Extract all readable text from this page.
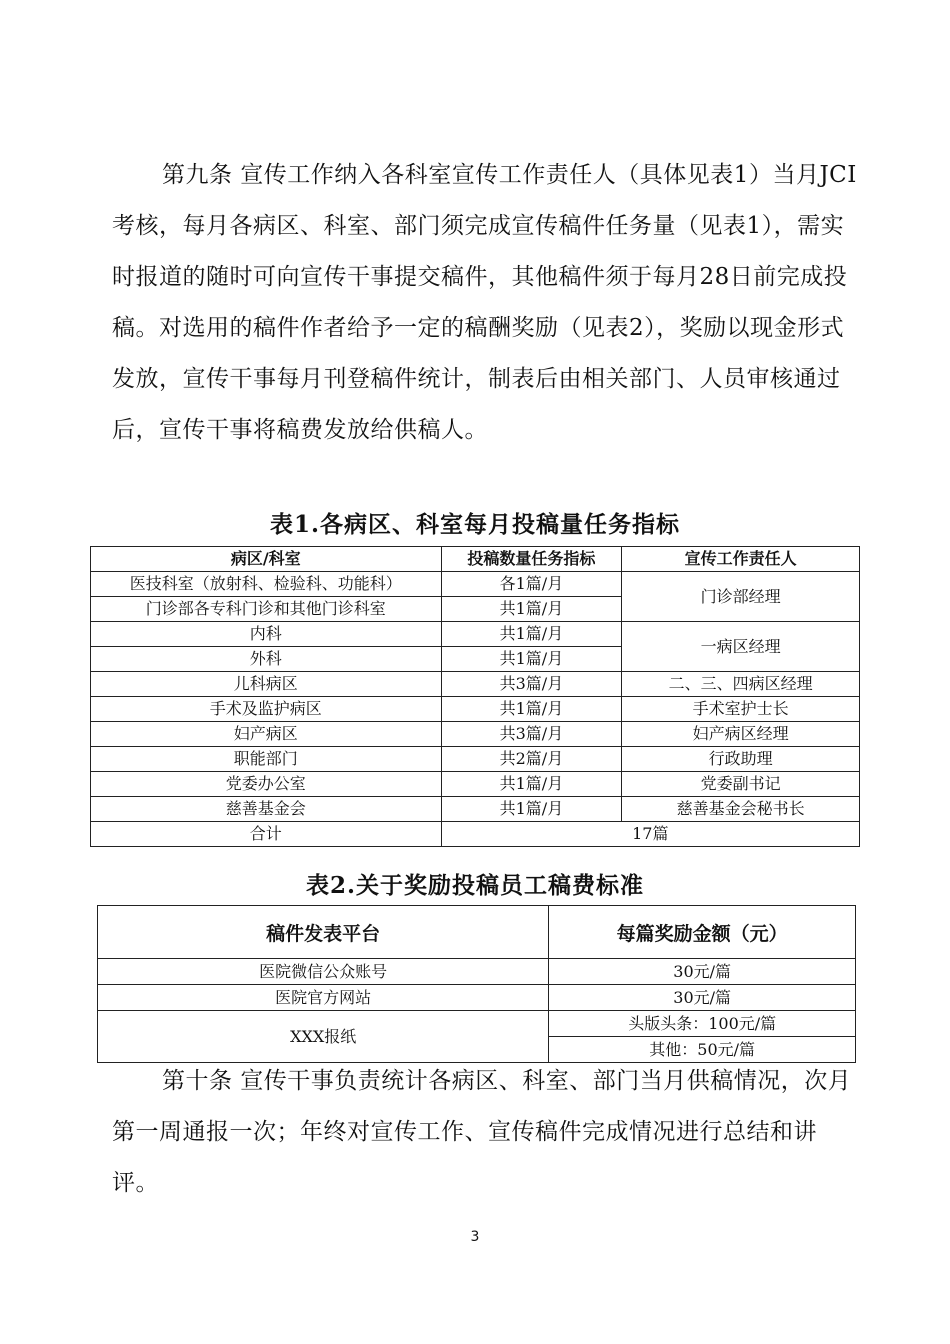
第九条 宣传工作纳入各科室宣传工作责任人（具体见表1）当月JCI考核，每月各病区、科室、部门须完成宣传稿件任务量（见表1），需实时报道的随时可向宣传干事提交稿件，其他稿件须于每月28日前完成投稿。对选用的稿件作者给予一定的稿酬奖励（见表2），奖励以现金形式发放，宣传干事每月刊登稿件统计，制表后由相关部门、人员审核通过后，宣传干事将稿费发放给供稿人。

表1.各病区、科室每月投稿量任务指标

病区/科室	投稿数量任务指标	宣传工作责任人
医技科室（放射科、检验科、功能科）	各1篇/月	门诊部经理
门诊部各专科门诊和其他门诊科室	共1篇/月	
内科	共1篇/月	一病区经理
外科	共1篇/月	
儿科病区	共3篇/月	二、三、四病区经理
手术及监护病区	共1篇/月	手术室护士长
妇产病区	共3篇/月	妇产病区经理
职能部门	共2篇/月	行政助理
党委办公室	共1篇/月	党委副书记
慈善基金会	共1篇/月	慈善基金会秘书长
合计	17篇	

表2.关于奖励投稿员工稿费标准

稿件发表平台	每篇奖励金额（元）
医院微信公众账号	30元/篇
医院官方网站	30元/篇
XXX报纸	头版头条：100元/篇
	其他：50元/篇

第十条 宣传干事负责统计各病区、科室、部门当月供稿情况，次月第一周通报一次；年终对宣传工作、宣传稿件完成情况进行总结和讲评。

3
